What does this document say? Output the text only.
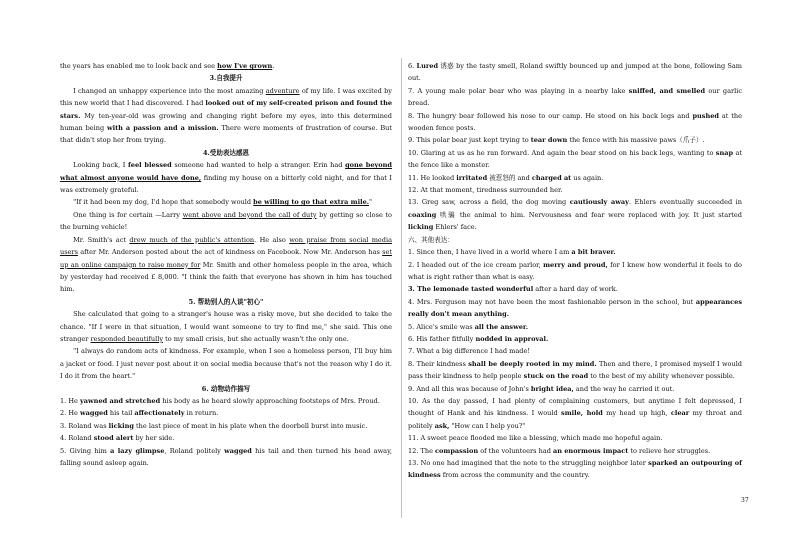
the years has enabled me to look back and see how I've grown.

3.自我提升

I changed an unhappy experience into the most amazing adventure of my life. I was excited by this new world that I had discovered. I had looked out of my self-created prison and found the stars. My ten-year-old was growing and changing right before my eyes, into this determined human being with a passion and a mission. There were moments of frustration of course. But that didn't stop her from trying.

4.受助表达感恩

Looking back, I feel blessed someone had wanted to help a stranger. Erin had gone beyond what almost anyone would have done, finding my house on a bitterly cold night, and for that I was extremely grateful.

"If it had been my dog, I'd hope that somebody would be willing to go that extra mile."

One thing is for certain —Larry went above and beyond the call of duty by getting so close to the burning vehicle!

Mr. Smith's act drew much of the public's attention. He also won praise from social media users after Mr. Anderson posted about the act of kindness on Facebook. Now Mr. Anderson has set up an online campaign to raise money for Mr. Smith and other homeless people in the area, which by yesterday had received £ 8,000. "I think the faith that everyone has shown in him has touched him.

5. 帮助别人的人谈"初心"

She calculated that going to a stranger's house was a risky move, but she decided to take the chance. "If I were in that situation, I would want someone to try to find me," she said. This one stranger responded beautifully to my small crisis, but she actually wasn't the only one.

"I always do random acts of kindness. For example, when I see a homeless person, I'll buy him a jacket or food. I just never post about it on social media because that's not the reason why I do it. I do it from the heart."

6. 动物动作描写

1. He yawned and stretched his body as he heard slowly approaching footsteps of Mrs. Proud.

2. He wagged his tail affectionately in return.

3. Roland was licking the last piece of meat in his plate when the doorbell burst into music.

4. Roland stood alert by her side.

5. Giving him a lazy glimpse, Roland politely wagged his tail and then turned his head away, falling sound asleep again.

6. Lured 诱惑 by the tasty smell, Roland swiftly bounced up and jumped at the bone, following Sam out.

7. A young male polar bear who was playing in a nearby lake sniffed, and smelled our garlic bread.

8. The hungry bear followed his nose to our camp. He stood on his back legs and pushed at the wooden fence posts.

9. This polar bear just kept trying to tear down the fence with his massive paws（爪子）.

10. Glaring at us as he ran forward. And again the bear stood on his back legs, wanting to snap at the fence like a monster.

11. He looked irritated 被惹怒的 and charged at us again.

12. At that moment, tiredness surrounded her.

13. Greg saw, across a field, the dog moving cautiously away. Ehlers eventually succeeded in coaxing 哄骗 the animal to him. Nervousness and fear were replaced with joy. It just started licking Ehlers' face.

六、其他表达：

1. Since then, I have lived in a world where I am a bit braver.

2. I headed out of the ice cream parlor, merry and proud, for I knew how wonderful it feels to do what is right rather than what is easy.

3. The lemonade tasted wonderful after a hard day of work.

4. Mrs. Ferguson may not have been the most fashionable person in the school, but appearances really don't mean anything.

5. Alice's smile was all the answer.

6. His father fitfully nodded in approval.

7. What a big difference I had made!

8. Their kindness shall be deeply rooted in my mind. Then and there, I promised myself I would pass their kindness to help people stuck on the road to the best of my ability whenever possible.

9. And all this was because of John's bright idea, and the way he carried it out.

10. As the day passed, I had plenty of complaining customers, but anytime I felt depressed, I thought of Hank and his kindness. I would smile, hold my head up high, clear my throat and politely ask, "How can I help you?"

11. A sweet peace flooded me like a blessing, which made me hopeful again.

12. The compassion of the volunteers had an enormous impact to relieve her struggles.

13. No one had imagined that the note to the struggling neighbor later sparked an outpouring of kindness from across the community and the country.

37
